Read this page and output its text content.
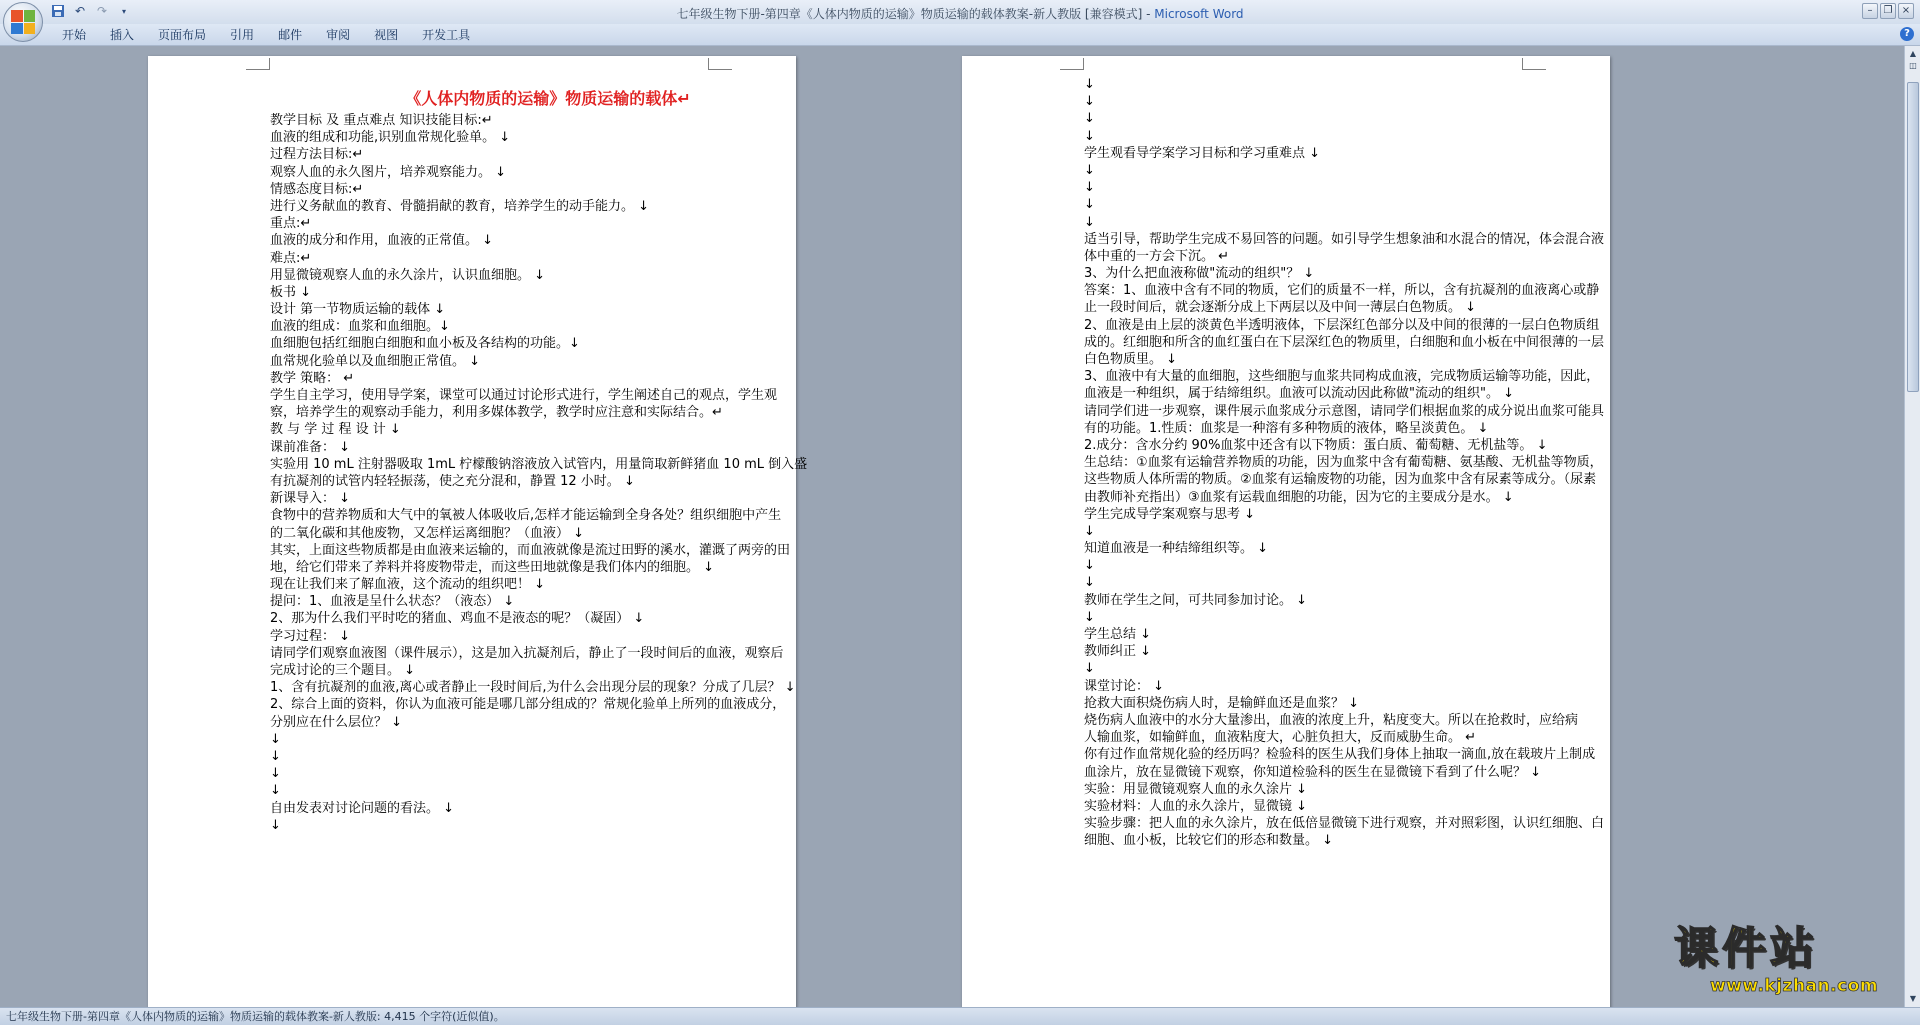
↶ ↷	▾	七年级生物下册-第四章《人体内物质的运输》物质运输的载体教案-新人教版 [兼容模式] - Microsoft Word	–	❐ ×
开始	插入	页面布局	引用	邮件	审阅	视图	开发工具	?
《人体内物质的运输》物质运输的载体↵
教学目标 及 重点难点 知识技能目标:↵
血液的组成和功能,识别血常规化验单。 ↓
过程方法目标:↵
观察人血的永久图片，培养观察能力。 ↓
情感态度目标:↵
进行义务献血的教育、骨髓捐献的教育，培养学生的动手能力。 ↓
重点:↵
血液的成分和作用，血液的正常值。 ↓
难点:↵
用显微镜观察人血的永久涂片，认识血细胞。 ↓
板书 ↓
设计 第一节物质运输的载体 ↓
血液的组成：血浆和血细胞。↓
血细胞包括红细胞白细胞和血小板及各结构的功能。↓
血常规化验单以及血细胞正常值。 ↓
教学 策略： ↵
学生自主学习，使用导学案，课堂可以通过讨论形式进行，学生阐述自己的观点，学生观
察，培养学生的观察动手能力，利用多媒体教学，教学时应注意和实际结合。↵
教 与 学 过 程 设 计 ↓
课前准备： ↓
实验用 10 mL 注射器吸取 1mL 柠檬酸钠溶液放入试管内，用量筒取新鲜猪血 10 mL 倒入盛
有抗凝剂的试管内轻轻振荡，使之充分混和，静置 12 小时。 ↓
新课导入： ↓
食物中的营养物质和大气中的氧被人体吸收后,怎样才能运输到全身各处？组织细胞中产生
的二氧化碳和其他废物，又怎样运离细胞？（血液） ↓
其实，上面这些物质都是由血液来运输的，而血液就像是流过田野的溪水，灌溉了两旁的田
地，给它们带来了养料并将废物带走，而这些田地就像是我们体内的细胞。 ↓
现在让我们来了解血液，这个流动的组织吧！ ↓
提问：1、血液是呈什么状态？（液态） ↓
2、那为什么我们平时吃的猪血、鸡血不是液态的呢？（凝固） ↓
学习过程： ↓
请同学们观察血液图（课件展示），这是加入抗凝剂后，静止了一段时间后的血液，观察后
完成讨论的三个题目。 ↓
1、含有抗凝剂的血液,离心或者静止一段时间后,为什么会出现分层的现象？分成了几层？ ↓
2、综合上面的资料，你认为血液可能是哪几部分组成的？常规化验单上所列的血液成分，
分别应在什么层位？ ↓
↓
↓
↓
↓
自由发表对讨论问题的看法。 ↓
↓
↓
↓
↓
↓
学生观看导学案学习目标和学习重难点 ↓
↓
↓
↓
↓
适当引导，帮助学生完成不易回答的问题。如引导学生想象油和水混合的情况，体会混合液
体中重的一方会下沉。 ↵
3、为什么把血液称做"流动的组织"？ ↓
答案：1、血液中含有不同的物质，它们的质量不一样，所以，含有抗凝剂的血液离心或静
止一段时间后，就会逐渐分成上下两层以及中间一薄层白色物质。 ↓
2、血液是由上层的淡黄色半透明液体，下层深红色部分以及中间的很薄的一层白色物质组
成的。红细胞和所含的血红蛋白在下层深红色的物质里，白细胞和血小板在中间很薄的一层
白色物质里。 ↓
3、血液中有大量的血细胞，这些细胞与血浆共同构成血液，完成物质运输等功能，因此，
血液是一种组织，属于结缔组织。血液可以流动因此称做"流动的组织"。 ↓
请同学们进一步观察，课件展示血浆成分示意图，请同学们根据血浆的成分说出血浆可能具
有的功能。1.性质：血浆是一种溶有多种物质的液体，略呈淡黄色。 ↓
2.成分：含水分约 90%血浆中还含有以下物质：蛋白质、葡萄糖、无机盐等。 ↓
生总结：①血浆有运输营养物质的功能，因为血浆中含有葡萄糖、氨基酸、无机盐等物质，
这些物质人体所需的物质。②血浆有运输废物的功能，因为血浆中含有尿素等成分。（尿素
由教师补充指出）③血浆有运载血细胞的功能，因为它的主要成分是水。 ↓
学生完成导学案观察与思考 ↓
↓
知道血液是一种结缔组织等。 ↓
↓
↓
教师在学生之间，可共同参加讨论。 ↓
↓
学生总结 ↓
教师纠正 ↓
↓
课堂讨论： ↓
抢救大面积烧伤病人时，是输鲜血还是血浆？ ↓
烧伤病人血液中的水分大量渗出，血液的浓度上升，粘度变大。所以在抢救时，应给病
人输血浆，如输鲜血，血液粘度大，心脏负担大，反而威胁生命。 ↵
你有过作血常规化验的经历吗？检验科的医生从我们身体上抽取一滴血,放在载玻片上制成
血涂片，放在显微镜下观察，你知道检验科的医生在显微镜下看到了什么呢？ ↓
实验：用显微镜观察人血的永久涂片 ↓
实验材料：人血的永久涂片，显微镜 ↓
实验步骤：把人血的永久涂片，放在低倍显微镜下进行观察，并对照彩图，认识红细胞、白
细胞、血小板，比较它们的形态和数量。 ↓
▲
◫
▼
七年级生物下册-第四章《人体内物质的运输》物质运输的载体教案-新人教版: 4,415 个字符(近似值)。
课件站
www.kjzhan.com
